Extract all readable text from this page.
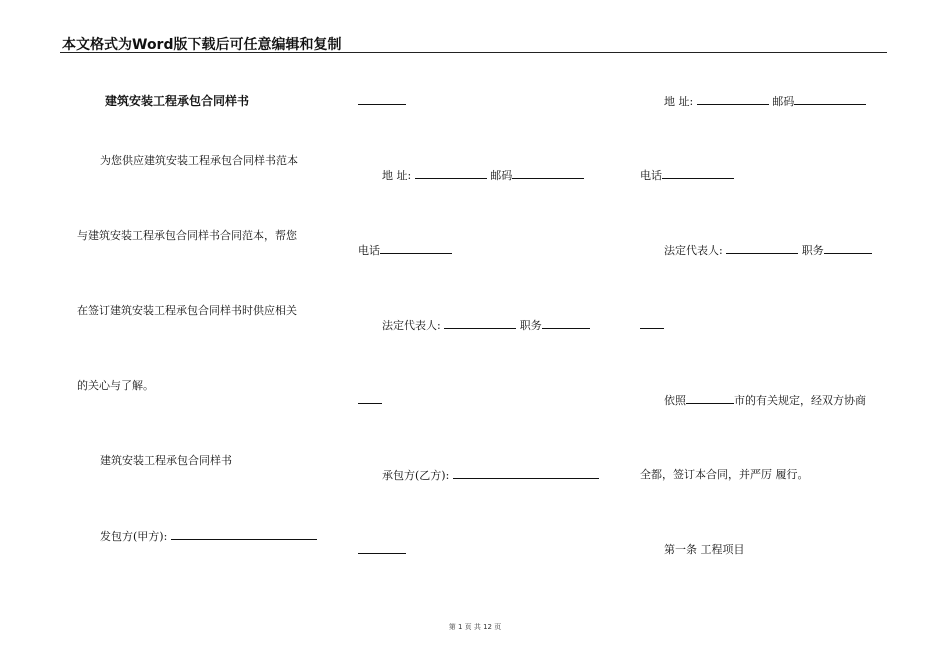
本文格式为Word版下载后可任意编辑和复制
建筑安装工程承包合同样书
为您供应建筑安装工程承包合同样书范本
与建筑安装工程承包合同样书合同范本，帮您
在签订建筑安装工程承包合同样书时供应相关
的关心与了解。
建筑安装工程承包合同样书
发包方(甲方):
地 址:	邮码
电话
法定代表人:	职务
承包方(乙方):
地 址:	邮码
电话
法定代表人:	职务
依照	市的有关规定，经双方协商
全都，签订本合同，并严厉 履行。
第一条 工程项目
第 1 页 共 12 页
